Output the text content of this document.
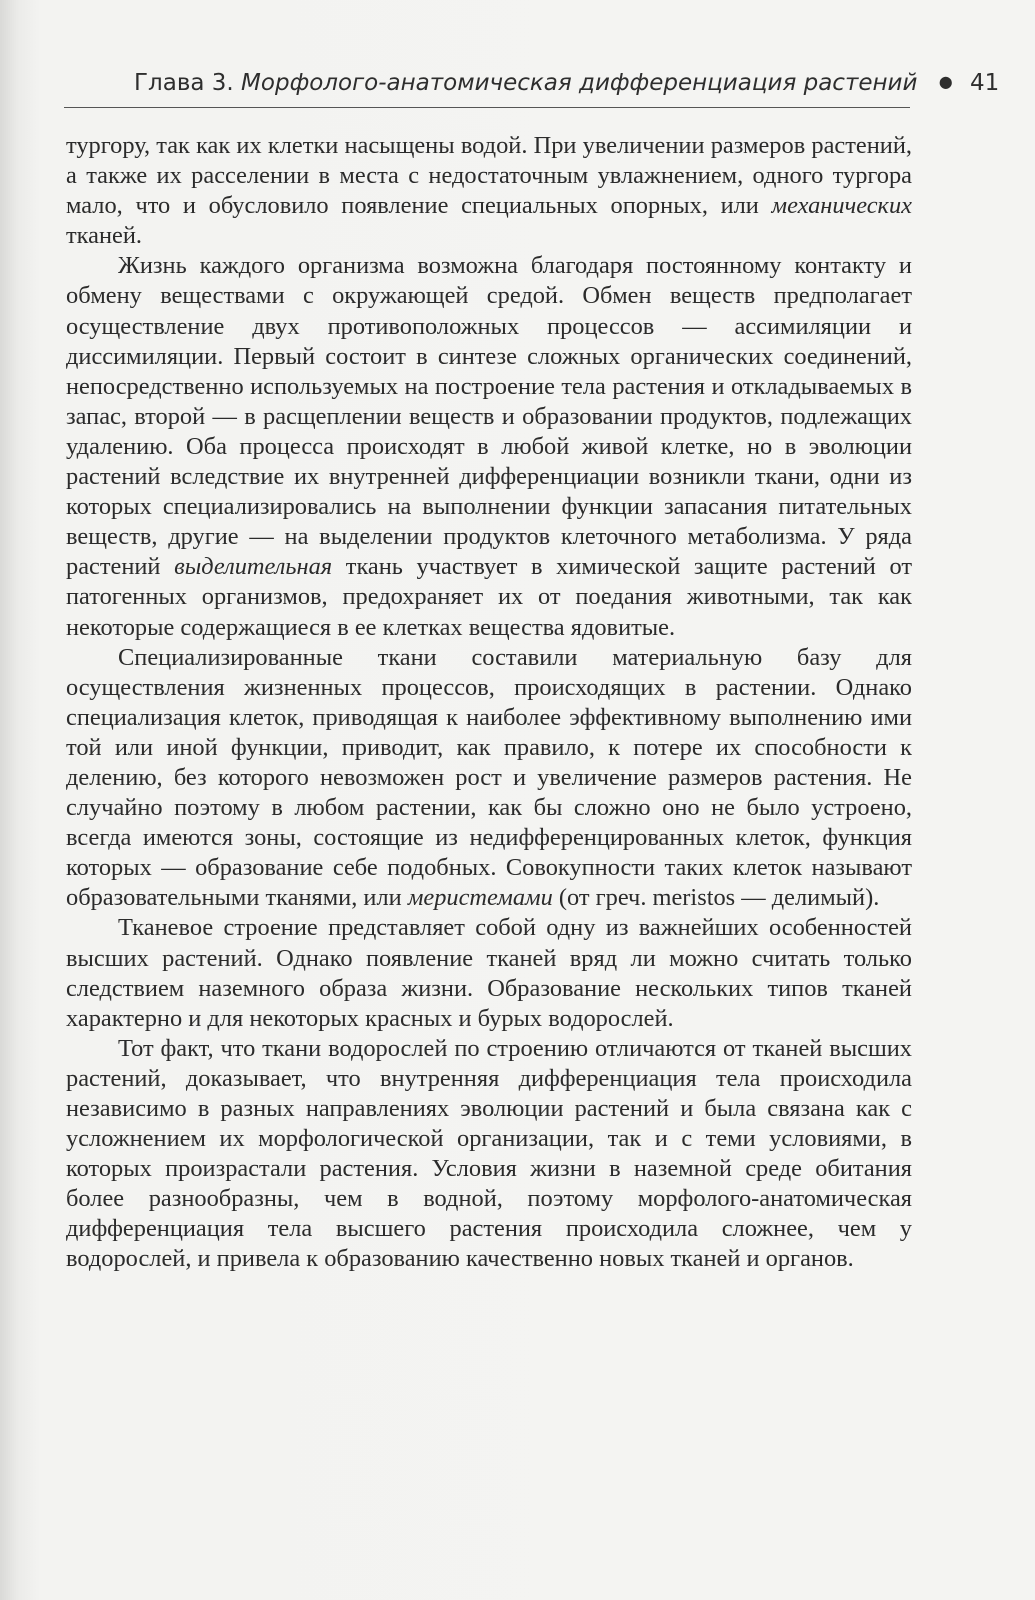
Глава 3. Морфолого-анатомическая дифференциация растений ● 41

тургору, так как их клетки насыщены водой. При увеличении размеров растений, а также их расселении в места с недостаточным увлажнением, одного тургора мало, что и обусловило появление специальных опорных, или механических тканей.

Жизнь каждого организма возможна благодаря постоянному контакту и обмену веществами с окружающей средой. Обмен веществ предполагает осуществление двух противоположных процессов — ассимиляции и диссимиляции. Первый состоит в синтезе сложных органических соединений, непосредственно используемых на построение тела растения и откладываемых в запас, второй — в расщеплении веществ и образовании продуктов, подлежащих удалению. Оба процесса происходят в любой живой клетке, но в эволюции растений вследствие их внутренней дифференциации возникли ткани, одни из которых специализировались на выполнении функции запасания питательных веществ, другие — на выделении продуктов клеточного метаболизма. У ряда растений выделительная ткань участвует в химической защите растений от патогенных организмов, предохраняет их от поедания животными, так как некоторые содержащиеся в ее клетках вещества ядовитые.

Специализированные ткани составили материальную базу для осуществления жизненных процессов, происходящих в растении. Однако специализация клеток, приводящая к наиболее эффективному выполнению ими той или иной функции, приводит, как правило, к потере их способности к делению, без которого невозможен рост и увеличение размеров растения. Не случайно поэтому в любом растении, как бы сложно оно не было устроено, всегда имеются зоны, состоящие из недифференцированных клеток, функция которых — образование себе подобных. Совокупности таких клеток называют образовательными тканями, или меристемами (от греч. meristos — делимый).

Тканевое строение представляет собой одну из важнейших особенностей высших растений. Однако появление тканей вряд ли можно считать только следствием наземного образа жизни. Образование нескольких типов тканей характерно и для некоторых красных и бурых водорослей.

Тот факт, что ткани водорослей по строению отличаются от тканей высших растений, доказывает, что внутренняя дифференциация тела происходила независимо в разных направлениях эволюции растений и была связана как с усложнением их морфологической организации, так и с теми условиями, в которых произрастали растения. Условия жизни в наземной среде обитания более разнообразны, чем в водной, поэтому морфолого-анатомическая дифференциация тела высшего растения происходила сложнее, чем у водорослей, и привела к образованию качественно новых тканей и органов.
